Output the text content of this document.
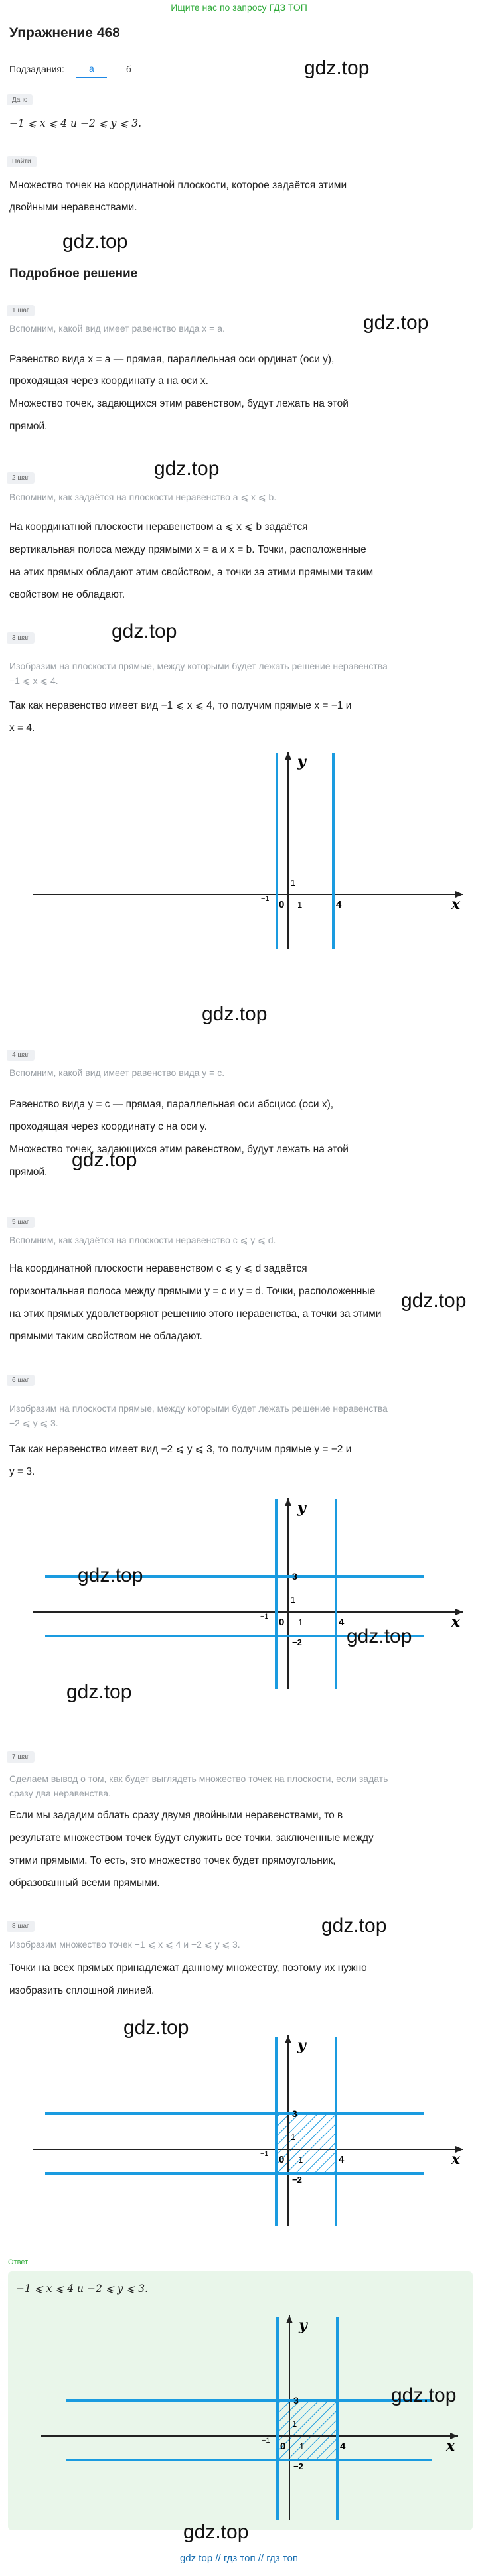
Ищите нас по запросу ГДЗ ТОП
Упражнение 468
Подзадания:	а	б
Дано
−1 ⩽ x ⩽ 4 и −2 ⩽ y ⩽ 3.
Найти
Множество точек на координатной плоскости, которое задаётся этими
двойными неравенствами.
Подробное решение
1 шаг
Вспомним, какой вид имеет равенство вида x = a.
Равенство вида x = a — прямая, параллельная оси ординат (оси y),
проходящая через координату a на оси x.
Множество точек, задающихся этим равенством, будут лежать на этой
прямой.
2 шаг
Вспомним, как задаётся на плоскости неравенство a ⩽ x ⩽ b.
На координатной плоскости неравенством a ⩽ x ⩽ b задаётся
вертикальная полоса между прямыми x = a и x = b. Точки, расположенные
на этих прямых обладают этим свойством, а точки за этими прямыми таким
свойством не обладают.
3 шаг
Изобразим на плоскости прямые, между которыми будет лежать решение неравенства
−1 ⩽ x ⩽ 4.
Так как неравенство имеет вид −1 ⩽ x ⩽ 4, то получим прямые x = −1 и
x = 4.
x
y
0 1
1
4
−1
4 шаг
Вспомним, какой вид имеет равенство вида y = c.
Равенство вида y = c — прямая, параллельная оси абсцисс (оси x),
проходящая через координату c на оси y.
Множество точек, задающихся этим равенством, будут лежать на этой
прямой.
5 шаг
Вспомним, как задаётся на плоскости неравенство c ⩽ y ⩽ d.
На координатной плоскости неравенством c ⩽ y ⩽ d задаётся
горизонтальная полоса между прямыми y = c и y = d. Точки, расположенные
на этих прямых удовлетворяют решению этого неравенства, а точки за этими
прямыми таким свойством не обладают.
6 шаг
Изобразим на плоскости прямые, между которыми будет лежать решение неравенства
−2 ⩽ y ⩽ 3.
Так как неравенство имеет вид −2 ⩽ y ⩽ 3, то получим прямые y = −2 и
y = 3.
x
y
0 1
1
4
−1
3
−2
7 шаг
Сделаем вывод о том, как будет выглядеть множество точек на плоскости, если задать
сразу два неравенства.
Если мы зададим облать сразу двумя двойными неравенствами, то в
результате множеством точек будут служить все точки, заключенные между
этими прямыми. То есть, это множество точек будет прямоугольник,
образованный всеми прямыми.
8 шаг
Изобразим множество точек −1 ⩽ x ⩽ 4 и −2 ⩽ y ⩽ 3.
Точки на всех прямых принадлежат данному множеству, поэтому их нужно
изобразить сплошной линией.
x
y
0 1
1
4
−1
3
−2
Ответ
−1 ⩽ x ⩽ 4 и −2 ⩽ y ⩽ 3.
x
y
0 1
1
4
−1
3
−2
gdz.top
gdz.top
gdz.top
gdz.top
gdz.top
gdz.top
gdz.top
gdz.top
gdz.top
gdz.top
gdz.top
gdz.top
gdz.top
gdz.top
gdz.top
gdz top // гдз топ // гдз топ
